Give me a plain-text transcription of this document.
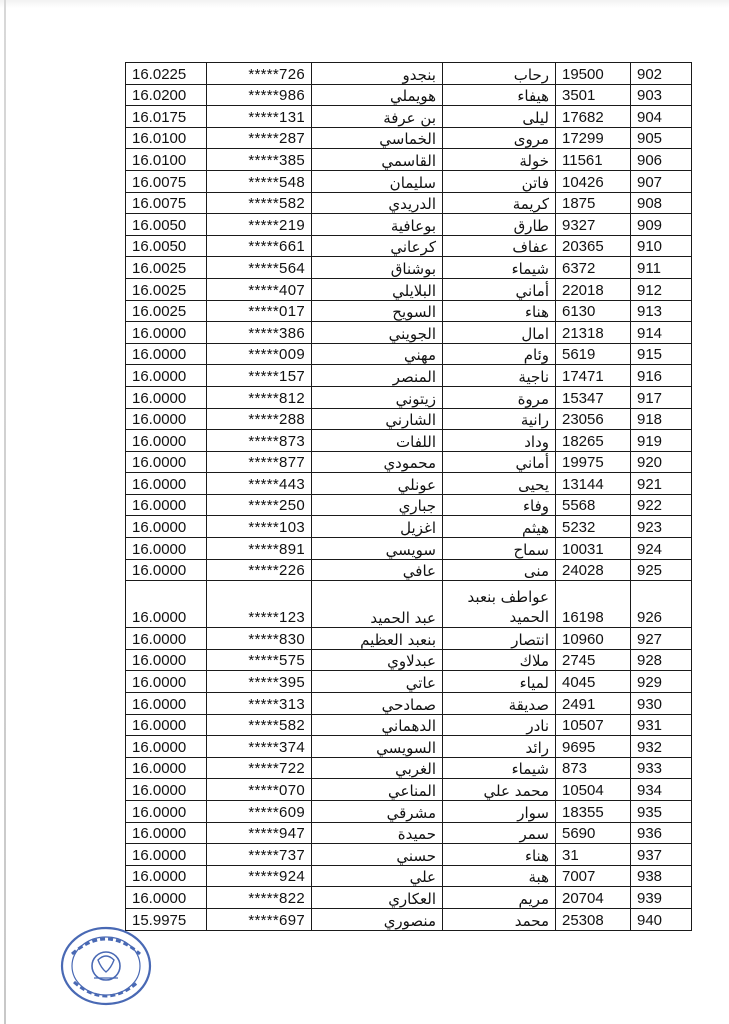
16.0225	*****726	بنجدو	رحاب	19500	902
16.0200	*****986	هويملي	هيفاء	3501	903
16.0175	*****131	بن عرفة	ليلى	17682	904
16.0100	*****287	الخماسي	مروى	17299	905
16.0100	*****385	القاسمي	خولة	11561	906
16.0075	*****548	سليمان	فاتن	10426	907
16.0075	*****582	الدريدي	كريمة	1875	908
16.0050	*****219	بوعافية	طارق	9327	909
16.0050	*****661	كرعاني	عفاف	20365	910
16.0025	*****564	بوشناق	شيماء	6372	911
16.0025	*****407	البلايلي	أماني	22018	912
16.0025	*****017	السويح	هناء	6130	913
16.0000	*****386	الجويني	امال	21318	914
16.0000	*****009	مهني	وئام	5619	915
16.0000	*****157	المنصر	ناجية	17471	916
16.0000	*****812	زيتوني	مروة	15347	917
16.0000	*****288	الشارني	رانية	23056	918
16.0000	*****873	اللفات	وداد	18265	919
16.0000	*****877	محمودي	أماني	19975	920
16.0000	*****443	عونلي	يحيى	13144	921
16.0000	*****250	جباري	وفاء	5568	922
16.0000	*****103	اغزيل	هيثم	5232	923
16.0000	*****891	سويسي	سماح	10031	924
16.0000	*****226	عافي	منى	24028	925
16.0000	*****123	عبد الحميد	عواطف بنعبد الحميد	16198	926
16.0000	*****830	بنعبد العظيم	انتصار	10960	927
16.0000	*****575	عبدلاوي	ملاك	2745	928
16.0000	*****395	عاتي	لمياء	4045	929
16.0000	*****313	صمادحي	صديقة	2491	930
16.0000	*****582	الدهماني	نادر	10507	931
16.0000	*****374	السويسي	رائد	9695	932
16.0000	*****722	الغربي	شيماء	873	933
16.0000	*****070	المناعي	محمد علي	10504	934
16.0000	*****609	مشرقي	سوار	18355	935
16.0000	*****947	حميدة	سمر	5690	936
16.0000	*****737	حسني	هناء	31	937
16.0000	*****924	علي	هبة	7007	938
16.0000	*****822	العكاري	مريم	20704	939
15.9975	*****697	منصوري	محمد	25308	940
